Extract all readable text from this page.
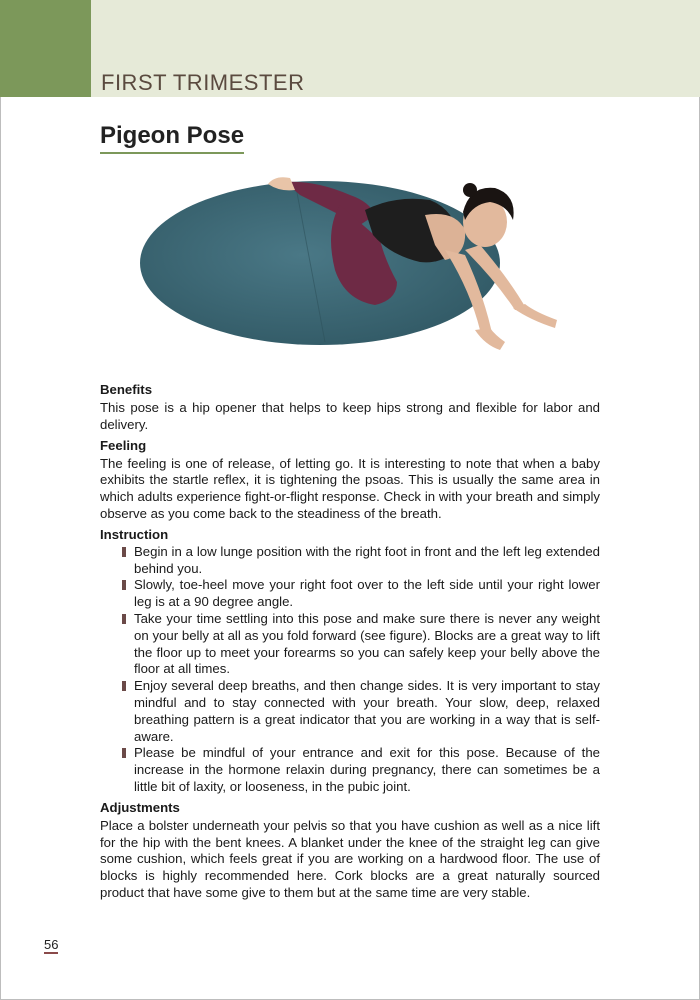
FIRST TRIMESTER
Pigeon Pose
Benefits

This pose is a hip opener that helps to keep hips strong and flexible for labor and delivery.

Feeling

The feeling is one of release, of letting go. It is interesting to note that when a baby exhibits the startle reflex, it is tightening the psoas. This is usually the same area in which adults experience fight-or-flight response. Check in with your breath and simply observe as you come back to the steadiness of the breath.

Instruction
Begin in a low lunge position with the right foot in front and the left leg extended behind you.
Slowly, toe-heel move your right foot over to the left side until your right lower leg is at a 90 degree angle.
Take your time settling into this pose and make sure there is never any weight on your belly at all as you fold forward (see figure). Blocks are a great way to lift the floor up to meet your forearms so you can safely keep your belly above the floor at all times.
Enjoy several deep breaths, and then change sides. It is very important to stay mindful and to stay connected with your breath. Your slow, deep, relaxed breathing pattern is a great indicator that you are working in a way that is self-aware.
Please be mindful of your entrance and exit for this pose. Because of the increase in the hormone relaxin during pregnancy, there can sometimes be a little bit of laxity, or looseness, in the pubic joint.
Adjustments

Place a bolster underneath your pelvis so that you have cushion as well as a nice lift for the hip with the bent knees. A blanket under the knee of the straight leg can give some cushion, which feels great if you are working on a hardwood floor. The use of blocks is highly recommended here. Cork blocks are a great naturally sourced product that have some give to them but at the same time are very stable.

56
